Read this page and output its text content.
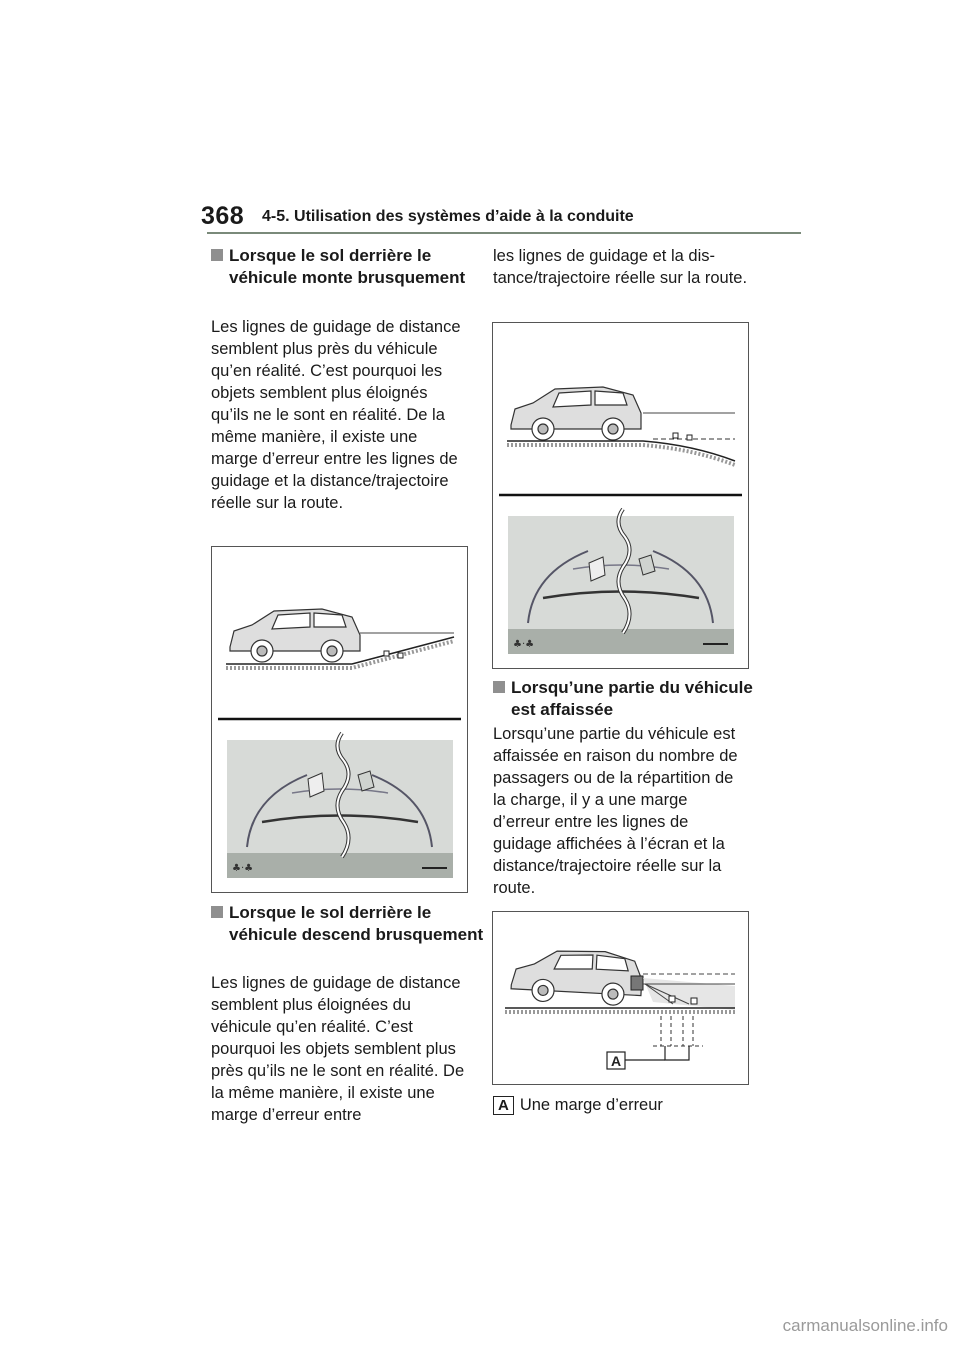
368 4-5. Utilisation des systèmes d’aide à la conduite
Lorsque le sol derrière le véhicule monte brusquement
Les lignes de guidage de distance semblent plus près du véhicule qu’en réalité. C’est pourquoi les objets semblent plus éloignés qu’ils ne le sont en réalité. De la même manière, il existe une marge d’erreur entre les lignes de guidage et la distance/trajectoire réelle sur la route.
♣·♣
Lorsque le sol derrière le véhicule descend brusquement
Les lignes de guidage de distance semblent plus éloignées du véhicule qu’en réalité. C’est pourquoi les objets semblent plus près qu’ils ne le sont en réalité. De la même manière, il existe une marge d’erreur entre
les lignes de guidage et la distance/trajectoire réelle sur la route.
♣·♣
Lorsqu’une partie du véhicule est affaissée
Lorsqu’une partie du véhicule est affaissée en raison du nombre de passagers ou de la répartition de la charge, il y a une marge d’erreur entre les lignes de guidage affichées à l’écran et la distance/trajectoire réelle sur la route.
A
A Une marge d’erreur
carmanualsonline.info
